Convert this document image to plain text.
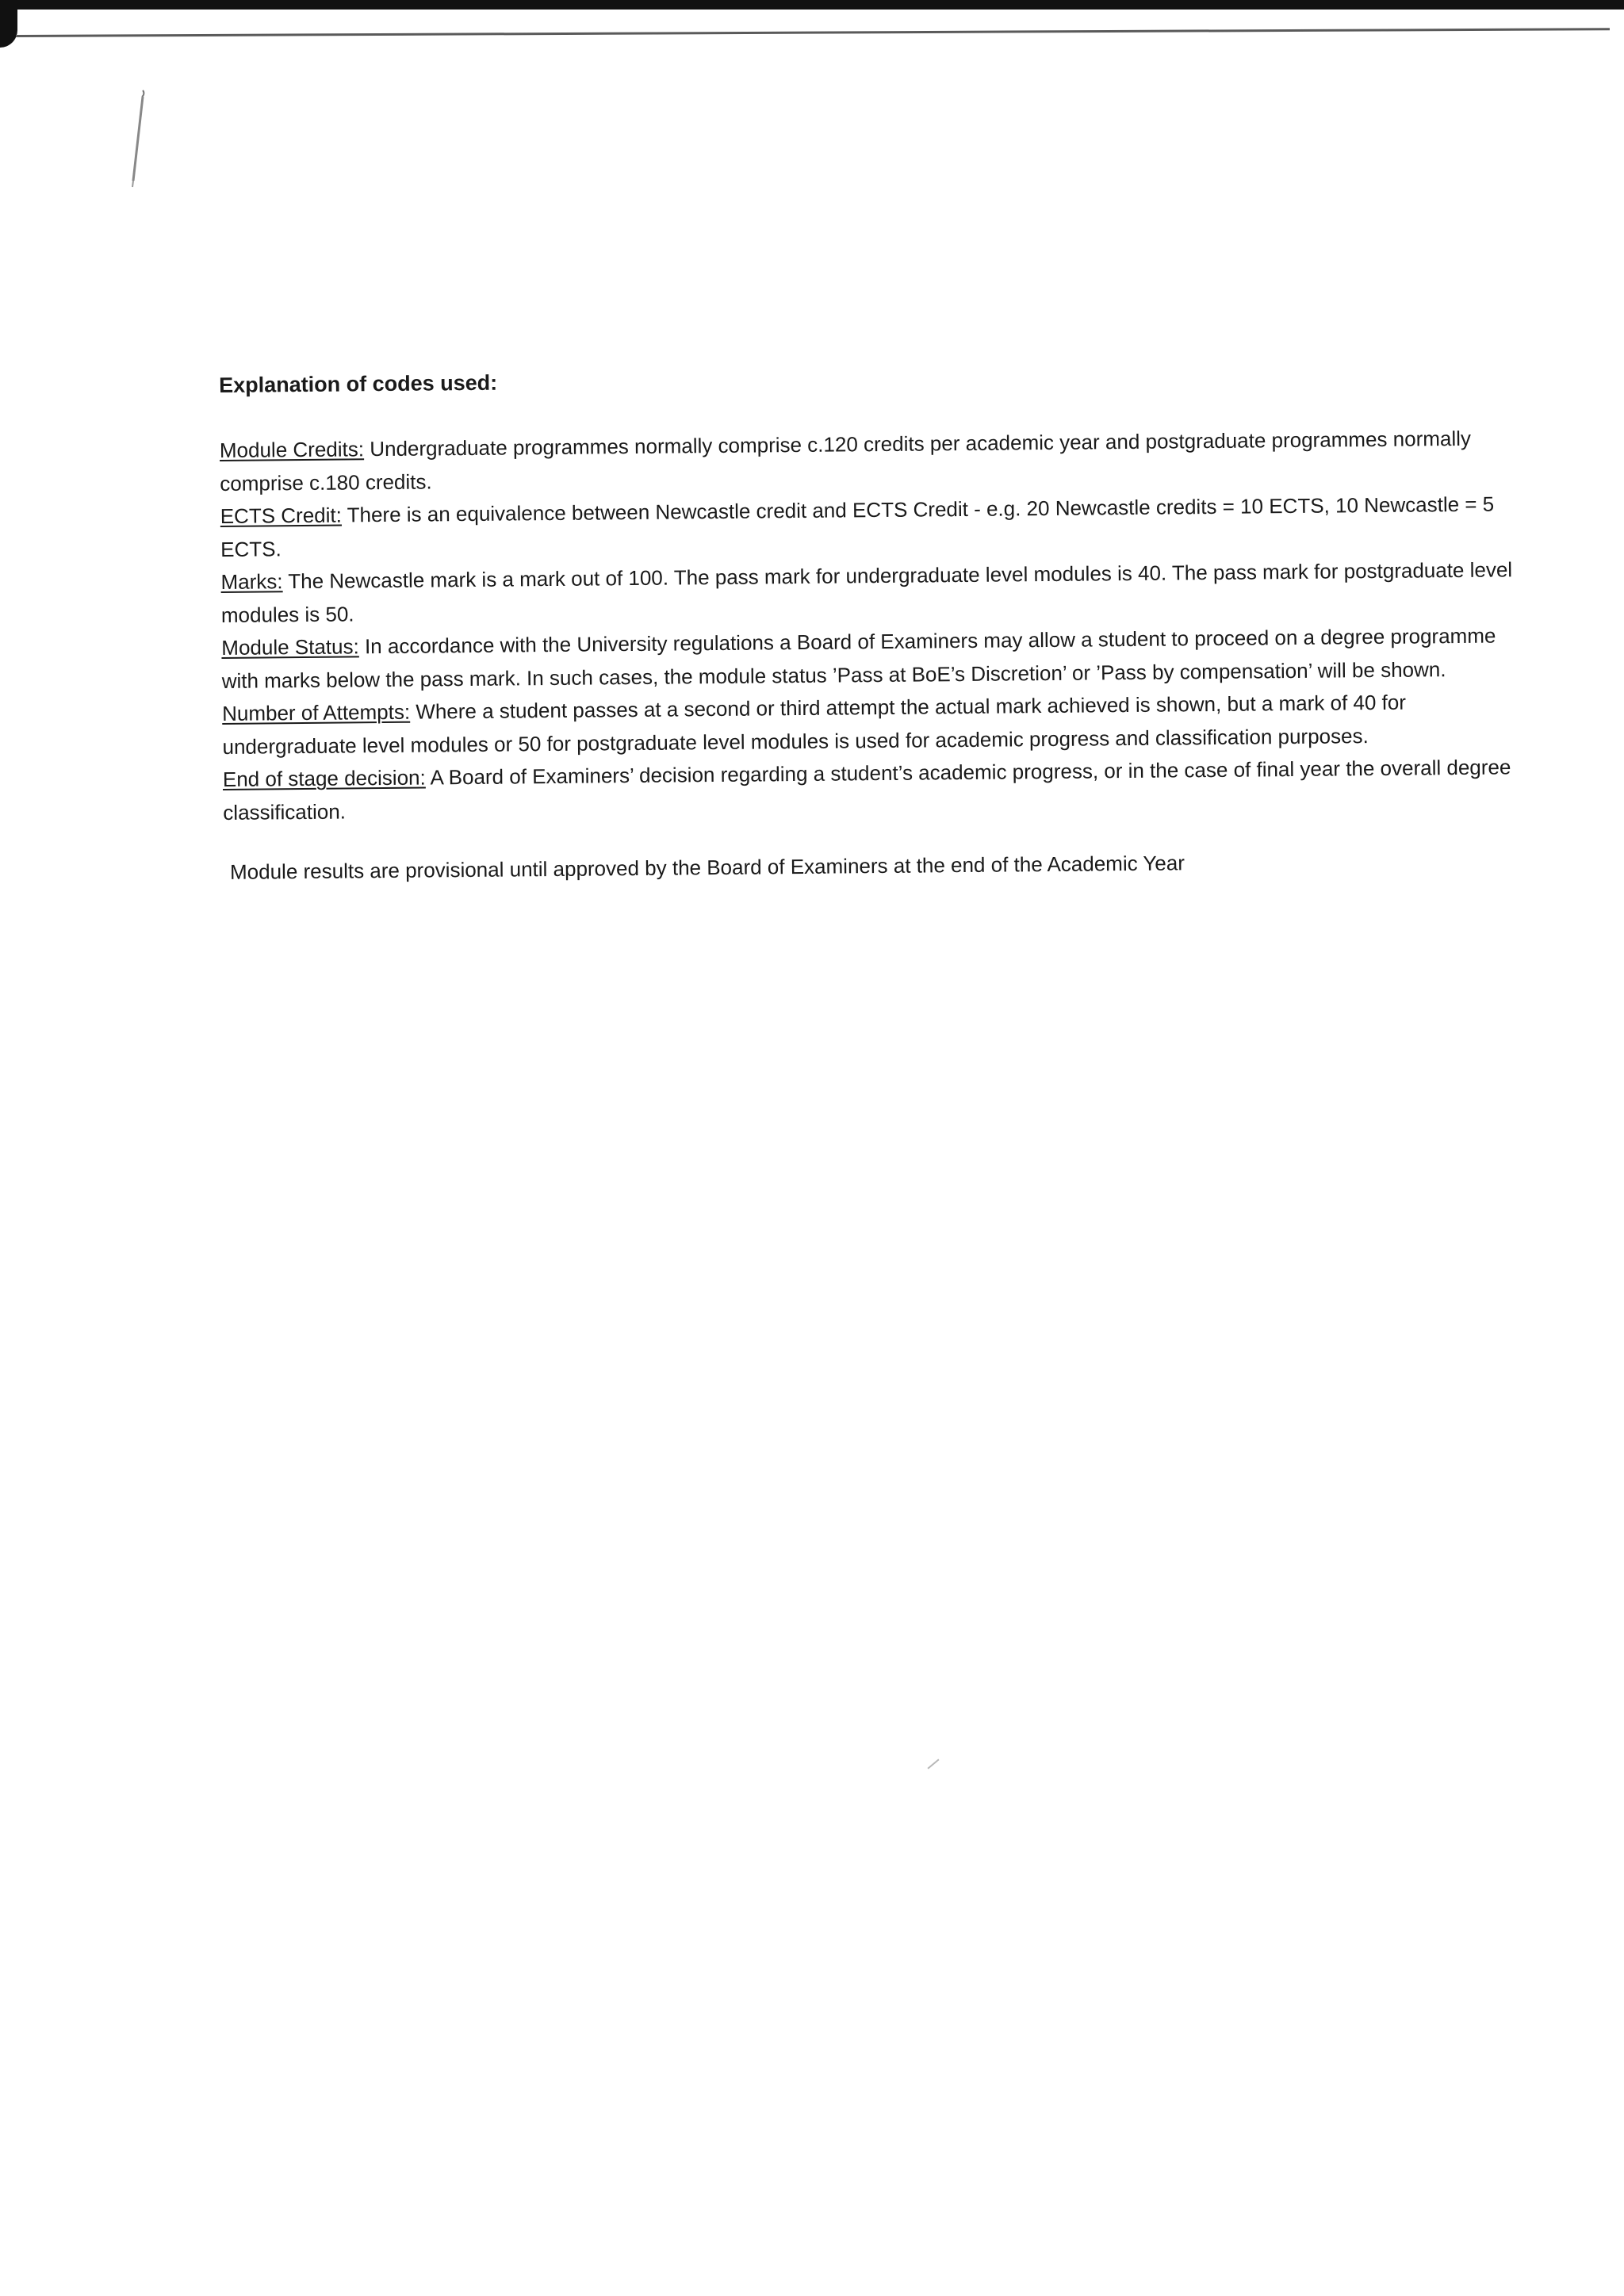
Explanation of codes used:

Module Credits: Undergraduate programmes normally comprise c.120 credits per academic year and postgraduate programmes normally comprise c.180 credits.

ECTS Credit: There is an equivalence between Newcastle credit and ECTS Credit - e.g. 20 Newcastle credits = 10 ECTS, 10 Newcastle = 5 ECTS.

Marks: The Newcastle mark is a mark out of 100. The pass mark for undergraduate level modules is 40. The pass mark for postgraduate level modules is 50.

Module Status: In accordance with the University regulations a Board of Examiners may allow a student to proceed on a degree programme with marks below the pass mark. In such cases, the module status ’Pass at BoE’s Discretion’ or ’Pass by compensation’ will be shown.

Number of Attempts: Where a student passes at a second or third attempt the actual mark achieved is shown, but a mark of 40 for undergraduate level modules or 50 for postgraduate level modules is used for academic progress and classification purposes.

End of stage decision: A Board of Examiners’ decision regarding a student’s academic progress, or in the case of final year the overall degree classification.

Module results are provisional until approved by the Board of Examiners at the end of the Academic Year
